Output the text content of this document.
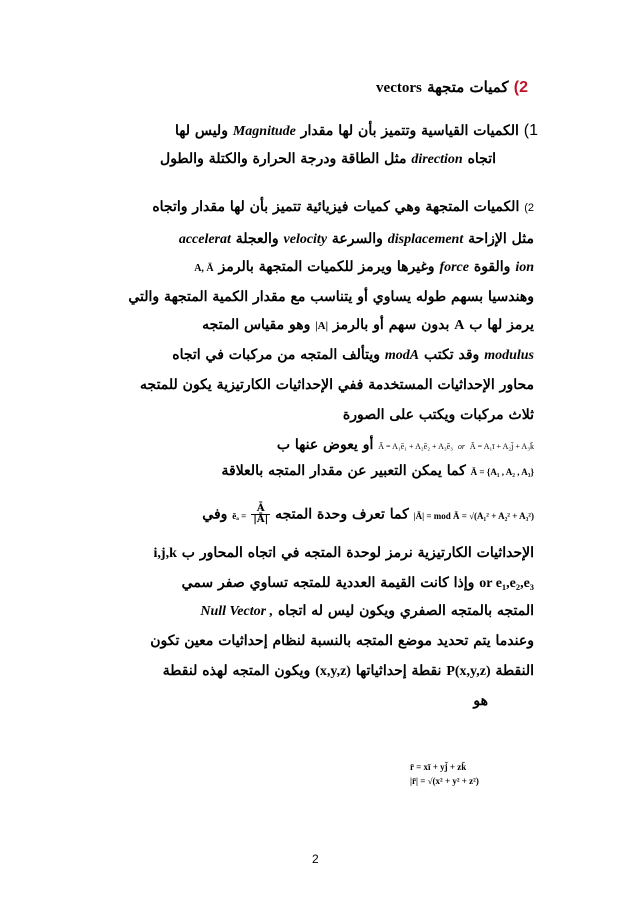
2) كميات متجهة vectors
1) الكميات القياسية وتتميز بأن لها مقدار Magnitude وليس لها
اتجاه direction مثل الطاقة ودرجة الحرارة والكتلة والطول
2) الكميات المتجهة وهي كميات فيزيائية تتميز بأن لها مقدار واتجاه
مثل الإزاحة displacement والسرعة velocity والعجلة accelerat
ion والقوة force وغيرها ويرمز للكميات المتجهة بالرمز A, Ā
وهندسيا بسهم طوله يساوي أو يتناسب مع مقدار الكمية المتجهة والتي
يرمز لها ب A بدون سهم أو بالرمز |A| وهو مقياس المتجه
modulus وقد تكتب modA ويتألف المتجه من مركبات في اتجاه
محاور الإحداثيات المستخدمة ففي الإحداثيات الكارتيزية يكون للمتجه
ثلاث مركبات ويكتب على الصورة
Ā = A₁ī + A₂j̄ + A₃k̄ or Ā = A₁ē₁ + A₂ē₂ + A₃ē₃ أو يعوض عنها ب
Ā = {A₁ , A₂ , A₃} كما يمكن التعبير عن مقدار المتجه بالعلاقة
|Ā| = mod Ā = √(A₁² + A₂² + A₃²) كما تعرف وحدة المتجه
$\frac{Ā}{|Ā|}$
ēₐ = وفي
الإحداثيات الكارتيزية نرمز لوحدة المتجه في اتجاه المحاور ب i,j,k
or e₁,e₂,e₃ وإذا كانت القيمة العددية للمتجه تساوي صفر سمي
المتجه بالمتجه الصفري ويكون ليس له اتجاه Null Vector ,
وعندما يتم تحديد موضع المتجه بالنسبة لنظام إحداثيات معين تكون
النقطة P(x,y,z) نقطة إحداثياتها (x,y,z) ويكون المتجه لهذه لنقطة
هو
r̄ = xī + yj̄ + zk̄
|r̄| = √(x² + y² + z²)
2
